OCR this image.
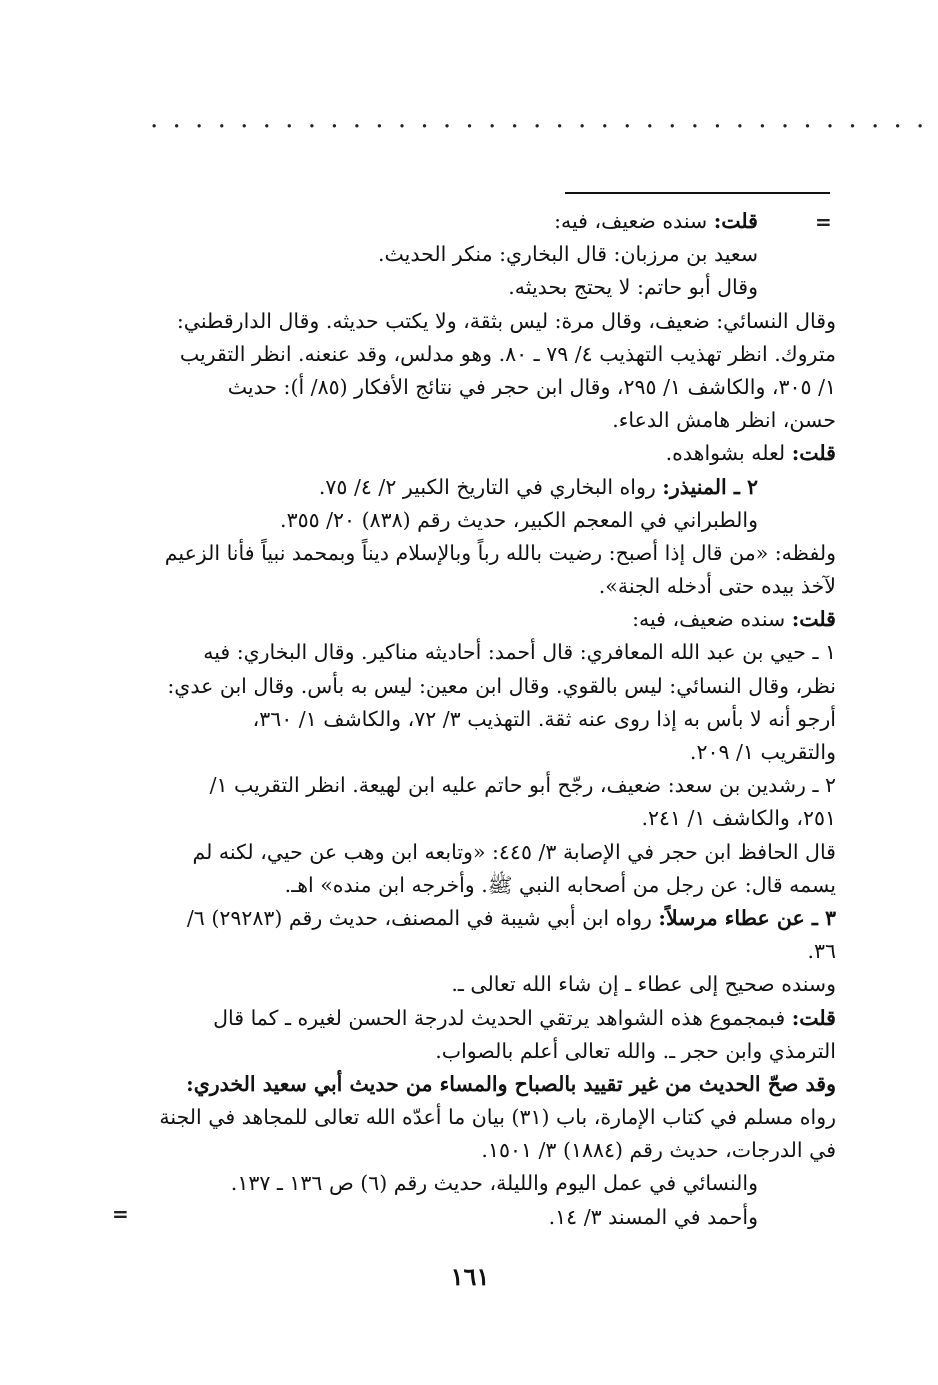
. . . . . . . . . . . . . . . . . . . . . . . . . . . . . . . . . . .
=
=
قلت: سنده ضعيف، فيه:
سعيد بن مرزبان: قال البخاري: منكر الحديث.
وقال أبو حاتم: لا يحتج بحديثه.
وقال النسائي: ضعيف، وقال مرة: ليس بثقة، ولا يكتب حديثه. وقال الدارقطني:
متروك. انظر تهذيب التهذيب ٤/ ٧٩ ـ ٨٠. وهو مدلس، وقد عنعنه. انظر التقريب
١/ ٣٠٥، والكاشف ١/ ٢٩٥، وقال ابن حجر في نتائج الأفكار (٨٥/ أ): حديث
حسن، انظر هامش الدعاء.
قلت: لعله بشواهده.
٢ ـ المنيذر: رواه البخاري في التاريخ الكبير ٢/ ٤/ ٧٥.
والطبراني في المعجم الكبير، حديث رقم (٨٣٨) ٢٠/ ٣٥٥.
ولفظه: «من قال إذا أصبح: رضيت بالله رباً وبالإسلام ديناً وبمحمد نبياً فأنا الزعيم
لآخذ بيده حتى أدخله الجنة».
قلت: سنده ضعيف، فيه:
١ ـ حيي بن عبد الله المعافري: قال أحمد: أحاديثه مناكير. وقال البخاري: فيه
نظر، وقال النسائي: ليس بالقوي. وقال ابن معين: ليس به بأس. وقال ابن عدي:
أرجو أنه لا بأس به إذا روى عنه ثقة. التهذيب ٣/ ٧٢، والكاشف ١/ ٣٦٠،
والتقريب ١/ ٢٠٩.
٢ ـ رشدين بن سعد: ضعيف، رجّح أبو حاتم عليه ابن لهيعة. انظر التقريب ١/
٢٥١، والكاشف ١/ ٢٤١.
قال الحافظ ابن حجر في الإصابة ٣/ ٤٤٥: «وتابعه ابن وهب عن حيي، لكنه لم
يسمه قال: عن رجل من أصحابه النبي ﷺ. وأخرجه ابن منده» اهـ.
٣ ـ عن عطاء مرسلاً: رواه ابن أبي شيبة في المصنف، حديث رقم (٢٩٢٨٣) ٦/
٣٦.
وسنده صحيح إلى عطاء ـ إن شاء الله تعالى ـ.
قلت: فبمجموع هذه الشواهد يرتقي الحديث لدرجة الحسن لغيره ـ كما قال
الترمذي وابن حجر ـ. والله تعالى أعلم بالصواب.
وقد صحّ الحديث من غير تقييد بالصباح والمساء من حديث أبي سعيد الخدري:
رواه مسلم في كتاب الإمارة، باب (٣١) بيان ما أعدّه الله تعالى للمجاهد في الجنة
في الدرجات، حديث رقم (١٨٨٤) ٣/ ١٥٠١.
والنسائي في عمل اليوم والليلة، حديث رقم (٦) ص ١٣٦ ـ ١٣٧.
وأحمد في المسند ٣/ ١٤.
١٦١
